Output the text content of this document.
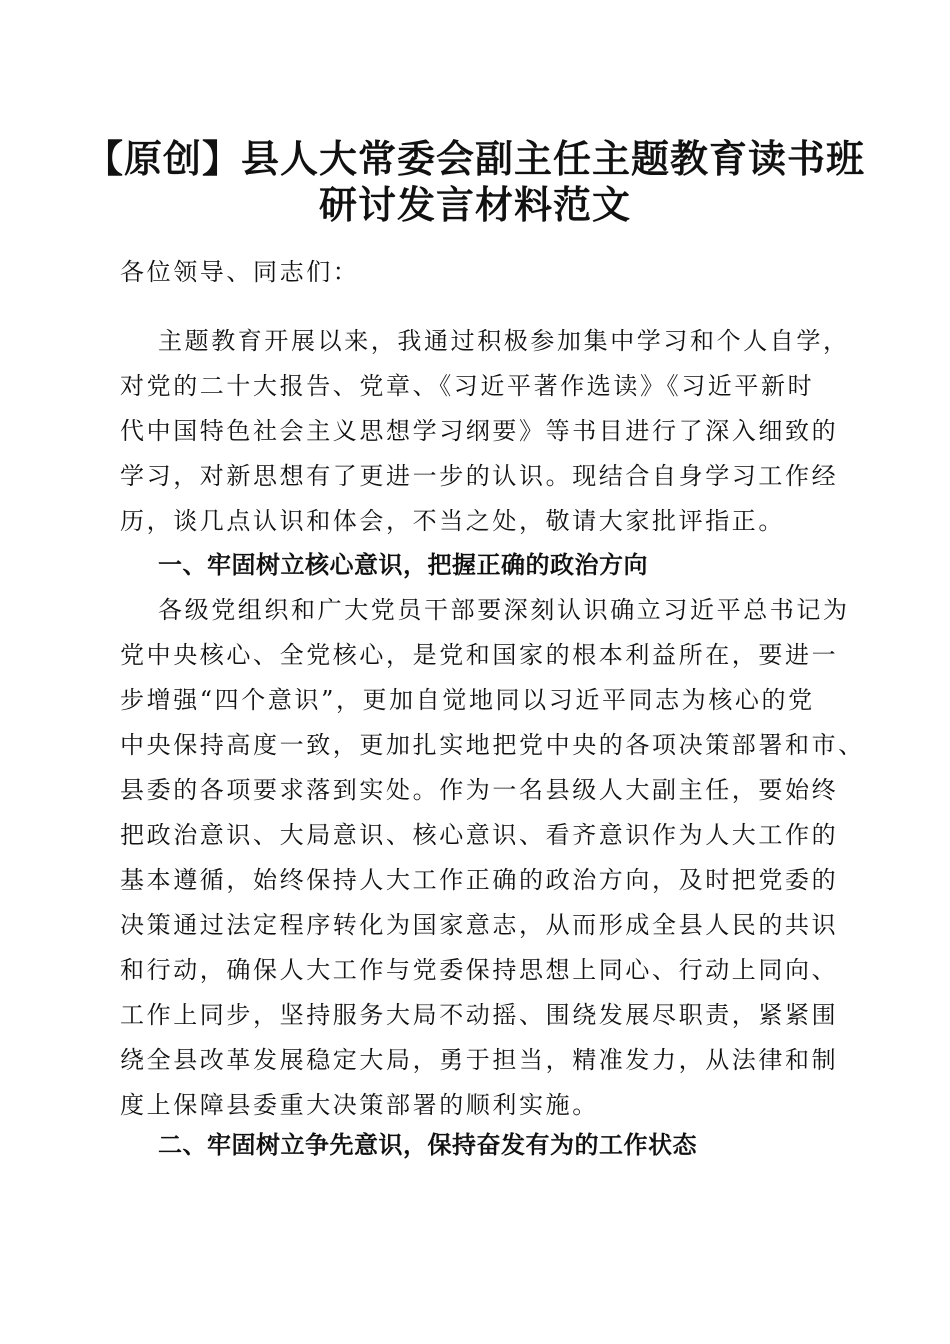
【原创】县人大常委会副主任主题教育读书班
研讨发言材料范文
各位领导、同志们：
主题教育开展以来，我通过积极参加集中学习和个人自学，
对党的二十大报告、党章、《习近平著作选读》《习近平新时
代中国特色社会主义思想学习纲要》等书目进行了深入细致的
学习，对新思想有了更进一步的认识。现结合自身学习工作经
历，谈几点认识和体会，不当之处，敬请大家批评指正。
一、牢固树立核心意识，把握正确的政治方向
各级党组织和广大党员干部要深刻认识确立习近平总书记为
党中央核心、全党核心，是党和国家的根本利益所在，要进一
步增强“四个意识”，更加自觉地同以习近平同志为核心的党
中央保持高度一致，更加扎实地把党中央的各项决策部署和市、
县委的各项要求落到实处。作为一名县级人大副主任，要始终
把政治意识、大局意识、核心意识、看齐意识作为人大工作的
基本遵循，始终保持人大工作正确的政治方向，及时把党委的
决策通过法定程序转化为国家意志，从而形成全县人民的共识
和行动，确保人大工作与党委保持思想上同心、行动上同向、
工作上同步，坚持服务大局不动摇、围绕发展尽职责，紧紧围
绕全县改革发展稳定大局，勇于担当，精准发力，从法律和制
度上保障县委重大决策部署的顺利实施。
二、牢固树立争先意识，保持奋发有为的工作状态
